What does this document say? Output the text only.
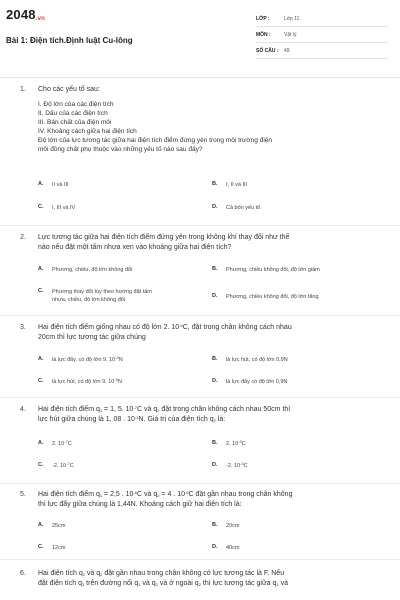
2048.vn
Bài 1: Điện tích.Định luật Cu-lông
LỚP :	Lớp 11
MÔN :	Vật lý
SỐ CÂU : 49
1. Cho các yếu tố sau:
I. Độ lớn của các điện tích
II. Dấu của các điện tích
III. Bản chất của điện môi
IV. Khoảng cách giữa hai điện tích
Độ lớn của lực tương tác giữa hai điện tích điểm đứng yên trong môi trường điện
môi đồng chất phụ thuộc vào những yếu tố nào sau đây?
A.	II và III	B.	I, II và III
C.	I, III và IV	D.	Cả bốn yếu tố
2. Lực tương tác giữa hai điện tích điểm đứng yên trong không khí thay đổi như thế
nào nếu đặt một tấm nhựa xen vào khoảng giữa hai điện tích?
A.	Phương, chiều, độ lớn không đổi	B.	Phương, chiều không đổi, độ lớn giảm
C.	Phương thay đổi tùy theo hướng đặt tấm
nhựa, chiều, độ lớn không đổi
D.	Phương, chiều không đổi, độ lớn tăng
3. Hai điện tích điểm giống nhau có độ lớn 2. $10^{-6}C$, đặt trong chân không cách nhau
20cm thì lực tương tác giữa chúng
A.	là lực đẩy, có độ lớn 9. $10^{-5}N$	B.	là lực hút, có độ lớn 0,9N
C.	là lực hút, có độ lớn 9. $10^{-5}N$	D.	là lực đẩy có độ lớn 0,9N
4. Hai điện tích điểm q1 = 1, 5. $10^{-7}C$ và q2 đặt trong chân không cách nhau 50cm thì
lực hút giữa chúng là 1, 08 . $10^{-3}N$. Giá trị của điện tích q2 là:
A.	2. $10^{-7}C$	B.	2. $10^{-3}C$
C.	-2. $10^{-7}C$	D.	-2. $10^{-3}C$
5. Hai điện tích điểm q1 = 2,5 . $10^{-6}C$ và q2 = 4 . $10^{-6}C$ đặt gần nhau trong chân không
thì lực đẩy giữa chúng là 1,44N. Khoảng cách giữ hai điện tích là:
A.	25cm	B.	20cm
C.	12cm	D.	40cm
6. Hai điện tích q1 và q2 đặt gần nhau trong chân không có lực tương tác là F. Nếu
đặt điện tích q3 trên đường nối q1 và q2 và ở ngoài q2 thì lực tương tác giữa q1 và
